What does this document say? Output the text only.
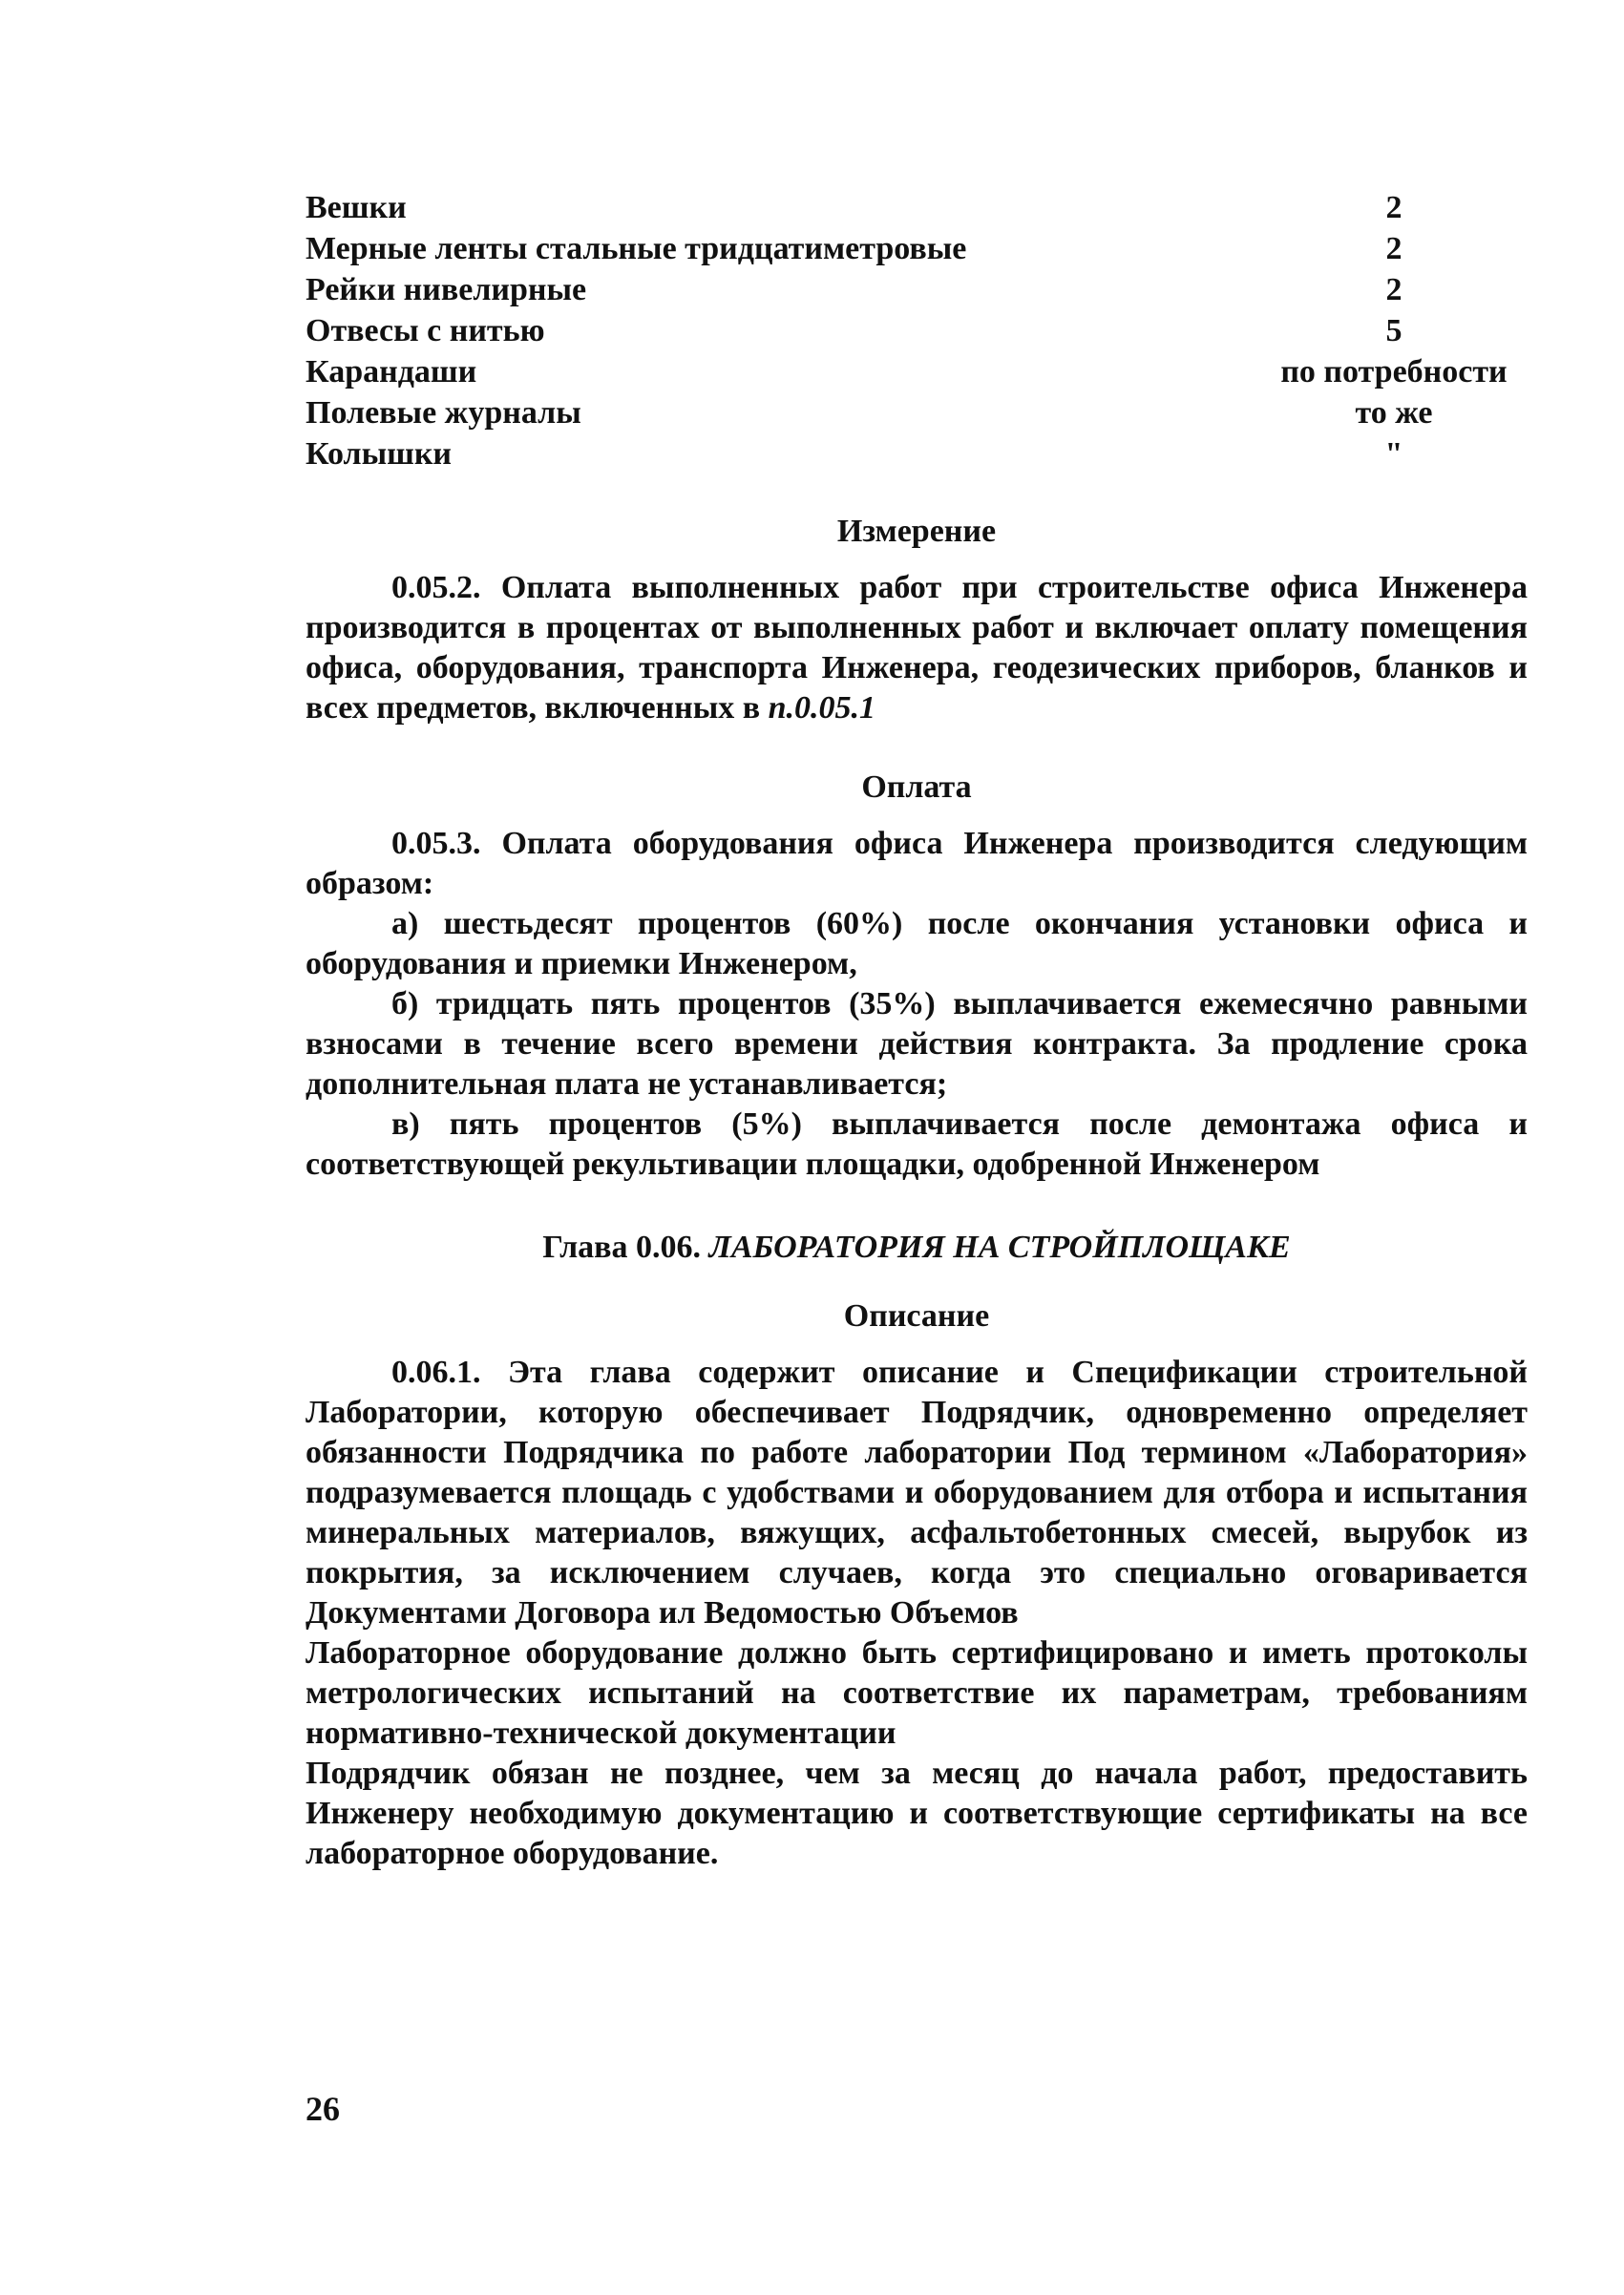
Вешки	2
Мерные ленты стальные тридцатиметровые	2
Рейки нивелирные	2
Отвесы с нитью	5
Карандаши	по потребности
Полевые журналы	то же
Колышки	"
Измерение
0.05.2. Оплата выполненных работ при строительстве офиса Инженера производится в процентах от выполненных работ и включает оплату помещения офиса, оборудования, транспорта Инженера, геодезических приборов, бланков и всех предметов, включенных в п.0.05.1
Оплата
0.05.3. Оплата оборудования офиса Инженера производится следующим образом:
а) шестьдесят процентов (60%) после окончания установки офиса и оборудования и приемки Инженером,
б) тридцать пять процентов (35%) выплачивается ежемесячно равными взносами в течение всего времени действия контракта. За продление срока дополнительная плата не устанавливается;
в) пять процентов (5%) выплачивается после демонтажа офиса и соответствующей рекультивации площадки, одобренной Инженером
Глава 0.06. ЛАБОРАТОРИЯ НА СТРОЙПЛОЩАКЕ
Описание
0.06.1. Эта глава содержит описание и Спецификации строительной Лаборатории, которую обеспечивает Подрядчик, одновременно определяет обязанности Подрядчика по работе лаборатории Под термином «Лаборатория» подразумевается площадь с удобствами и оборудованием для отбора и испытания минеральных материалов, вяжущих, асфальтобетонных смесей, вырубок из покрытия, за исключением случаев, когда это специально оговаривается Документами Договора ил Ведомостью Объемов
Лабораторное оборудование должно быть сертифицировано и иметь протоколы метрологических испытаний на соответствие их параметрам, требованиям нормативно-технической документации
Подрядчик обязан не позднее, чем за месяц до начала работ, предоставить Инженеру необходимую документацию и соответствующие сертификаты на все лабораторное оборудование.
26
